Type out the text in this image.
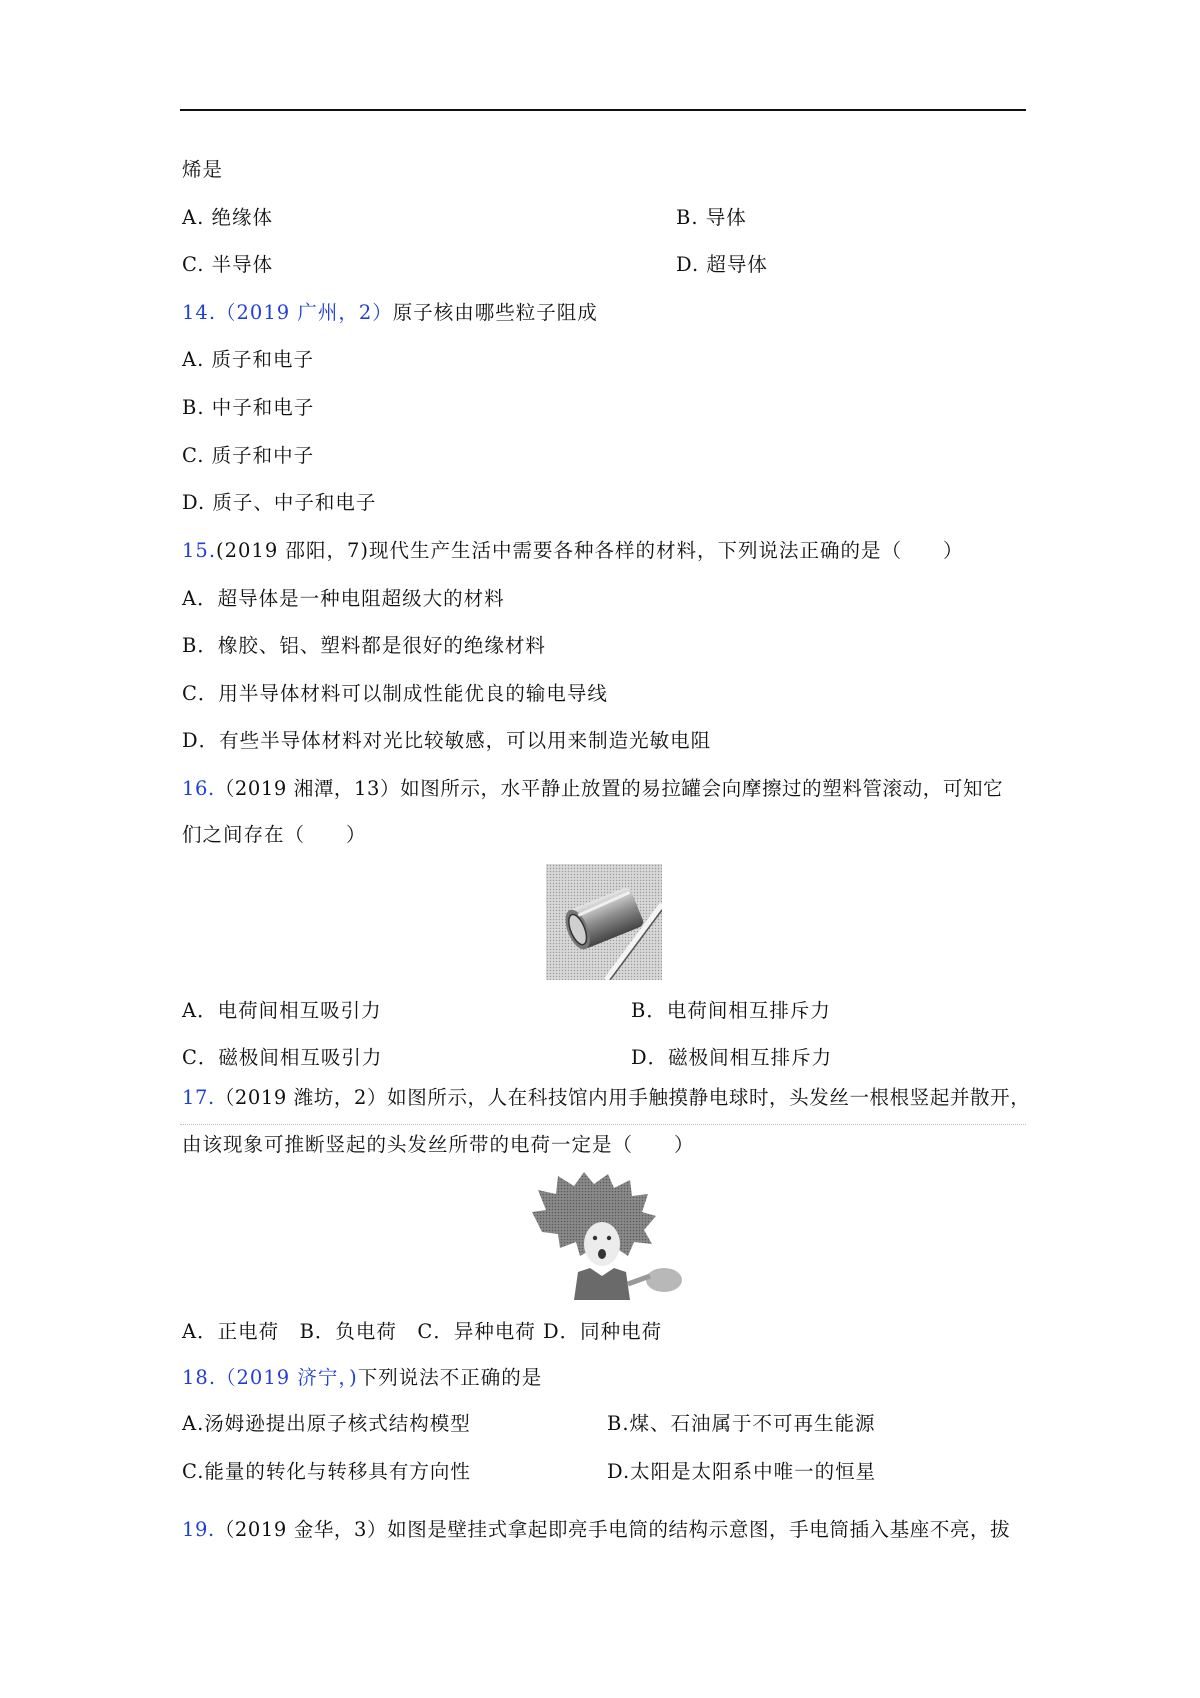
烯是
A. 绝缘体	B. 导体
C. 半导体	D. 超导体
14.（2019 广州，2）原子核由哪些粒子阻成
A. 质子和电子
B. 中子和电子
C. 质子和中子
D. 质子、中子和电子
15.(2019 邵阳，7)现代生产生活中需要各种各样的材料，下列说法正确的是（　　）
A．超导体是一种电阻超级大的材料
B．橡胶、铝、塑料都是很好的绝缘材料
C．用半导体材料可以制成性能优良的输电导线
D．有些半导体材料对光比较敏感，可以用来制造光敏电阻
16.（2019 湘潭，13）如图所示，水平静止放置的易拉罐会向摩擦过的塑料管滚动，可知它
们之间存在（　　）
A．电荷间相互吸引力	B．电荷间相互排斥力
C．磁极间相互吸引力	D．磁极间相互排斥力
17.（2019 潍坊，2）如图所示，人在科技馆内用手触摸静电球时，头发丝一根根竖起并散开，
由该现象可推断竖起的头发丝所带的电荷一定是（　　）
A．正电荷　B．负电荷　C．异种电荷 D．同种电荷
18.（2019 济宁，)下列说法不正确的是
A.汤姆逊提出原子核式结构模型	B.煤、石油属于不可再生能源
C.能量的转化与转移具有方向性	D.太阳是太阳系中唯一的恒星
19.（2019 金华，3）如图是壁挂式拿起即亮手电筒的结构示意图，手电筒插入基座不亮，拔
